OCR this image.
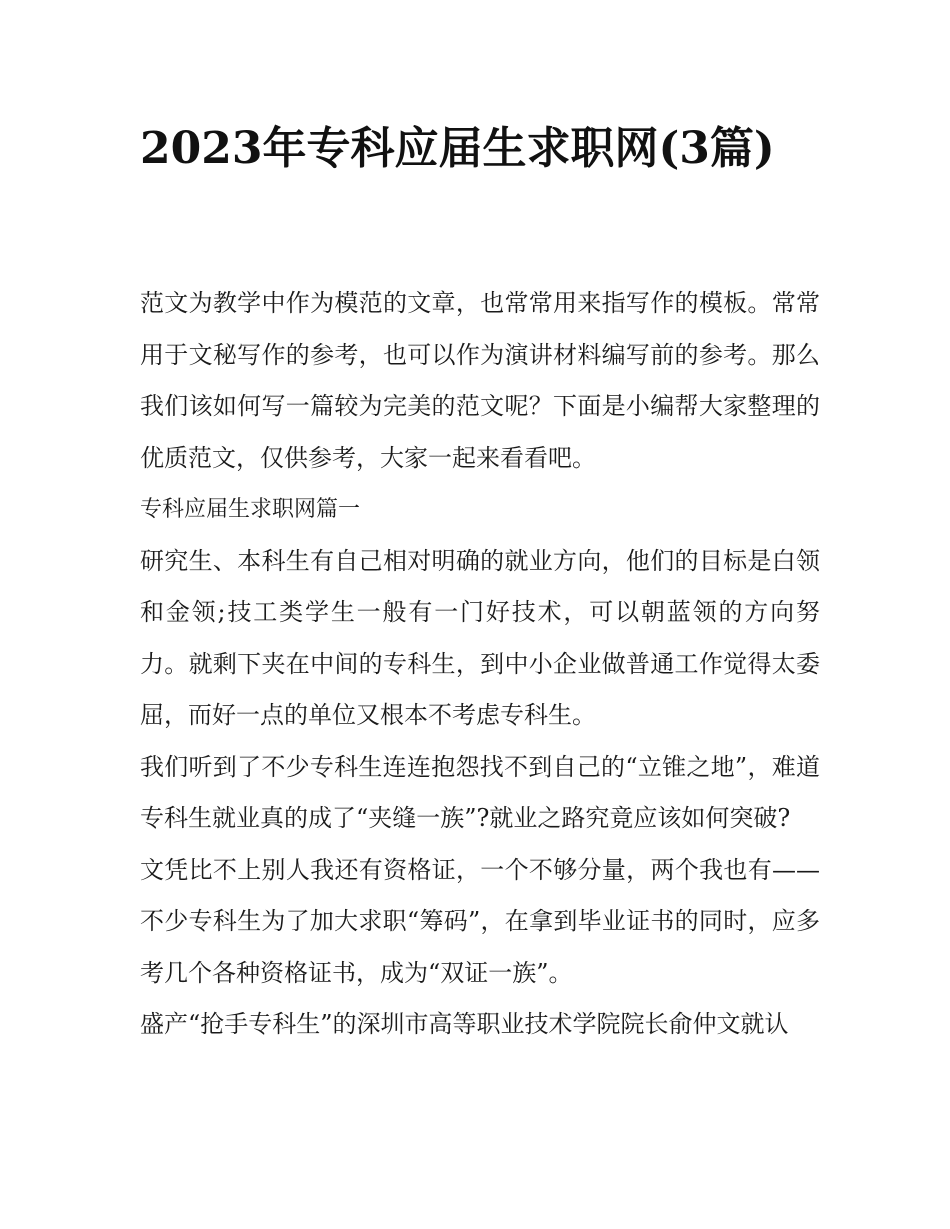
2023年专科应届生求职网(3篇)

范文为教学中作为模范的文章，也常常用来指写作的模板。常常用于文秘写作的参考，也可以作为演讲材料编写前的参考。那么我们该如何写一篇较为完美的范文呢？下面是小编帮大家整理的优质范文，仅供参考，大家一起来看看吧。

专科应届生求职网篇一

研究生、本科生有自己相对明确的就业方向，他们的目标是白领和金领;技工类学生一般有一门好技术，可以朝蓝领的方向努力。就剩下夹在中间的专科生，到中小企业做普通工作觉得太委屈，而好一点的单位又根本不考虑专科生。

我们听到了不少专科生连连抱怨找不到自己的“立锥之地”，难道专科生就业真的成了“夹缝一族”?就业之路究竟应该如何突破?

文凭比不上别人我还有资格证，一个不够分量，两个我也有——不少专科生为了加大求职“筹码”，在拿到毕业证书的同时，应多考几个各种资格证书，成为“双证一族”。

盛产“抢手专科生”的深圳市高等职业技术学院院长俞仲文就认
